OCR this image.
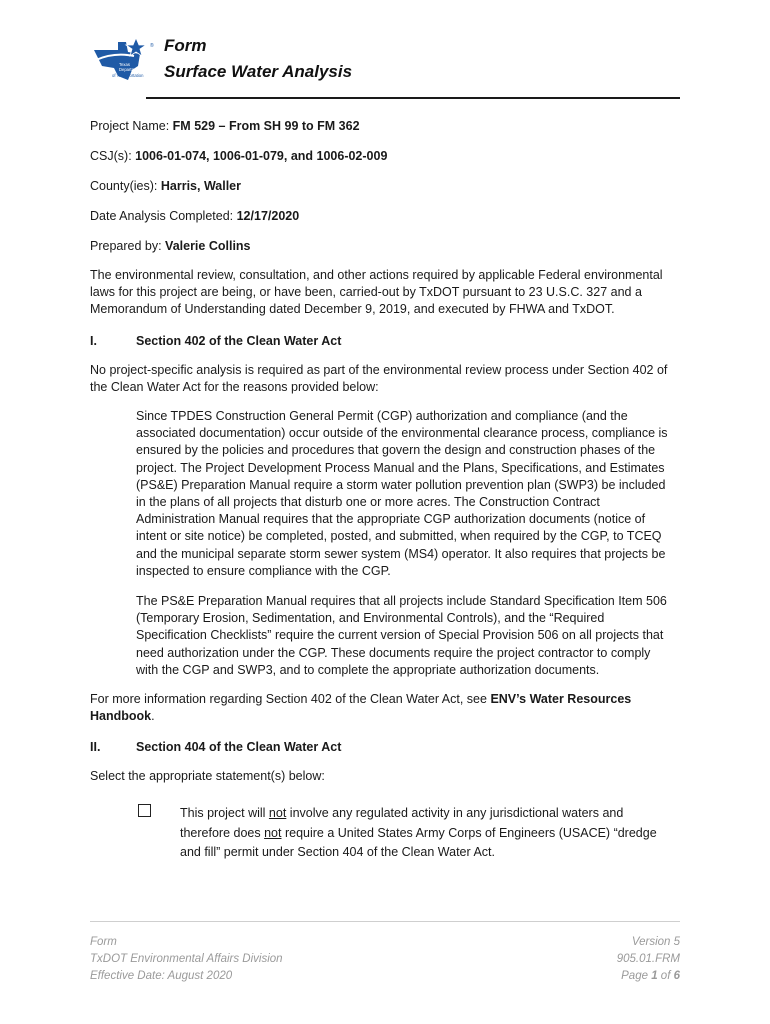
®
Texas
Department
of Transportation
Form
Surface Water Analysis
Project Name: FM 529 – From SH 99 to FM 362
CSJ(s): 1006-01-074, 1006-01-079, and 1006-02-009
County(ies): Harris, Waller
Date Analysis Completed: 12/17/2020
Prepared by: Valerie Collins
The environmental review, consultation, and other actions required by applicable Federal environmental laws for this project are being, or have been, carried-out by TxDOT pursuant to 23 U.S.C. 327 and a Memorandum of Understanding dated December 9, 2019, and executed by FHWA and TxDOT.
I.	Section 402 of the Clean Water Act
No project-specific analysis is required as part of the environmental review process under Section 402 of the Clean Water Act for the reasons provided below:
Since TPDES Construction General Permit (CGP) authorization and compliance (and the associated documentation) occur outside of the environmental clearance process, compliance is ensured by the policies and procedures that govern the design and construction phases of the project. The Project Development Process Manual and the Plans, Specifications, and Estimates (PS&E) Preparation Manual require a storm water pollution prevention plan (SWP3) be included in the plans of all projects that disturb one or more acres. The Construction Contract Administration Manual requires that the appropriate CGP authorization documents (notice of intent or site notice) be completed, posted, and submitted, when required by the CGP, to TCEQ and the municipal separate storm sewer system (MS4) operator. It also requires that projects be inspected to ensure compliance with the CGP.
The PS&E Preparation Manual requires that all projects include Standard Specification Item 506 (Temporary Erosion, Sedimentation, and Environmental Controls), and the “Required Specification Checklists” require the current version of Special Provision 506 on all projects that need authorization under the CGP. These documents require the project contractor to comply with the CGP and SWP3, and to complete the appropriate authorization documents.
For more information regarding Section 402 of the Clean Water Act, see ENV’s Water Resources Handbook.
II.	Section 404 of the Clean Water Act
Select the appropriate statement(s) below:
This project will not involve any regulated activity in any jurisdictional waters and therefore does not require a United States Army Corps of Engineers (USACE) “dredge and fill” permit under Section 404 of the Clean Water Act.
Form
TxDOT Environmental Affairs Division
Effective Date: August 2020
Version 5
905.01.FRM
Page 1 of 6
